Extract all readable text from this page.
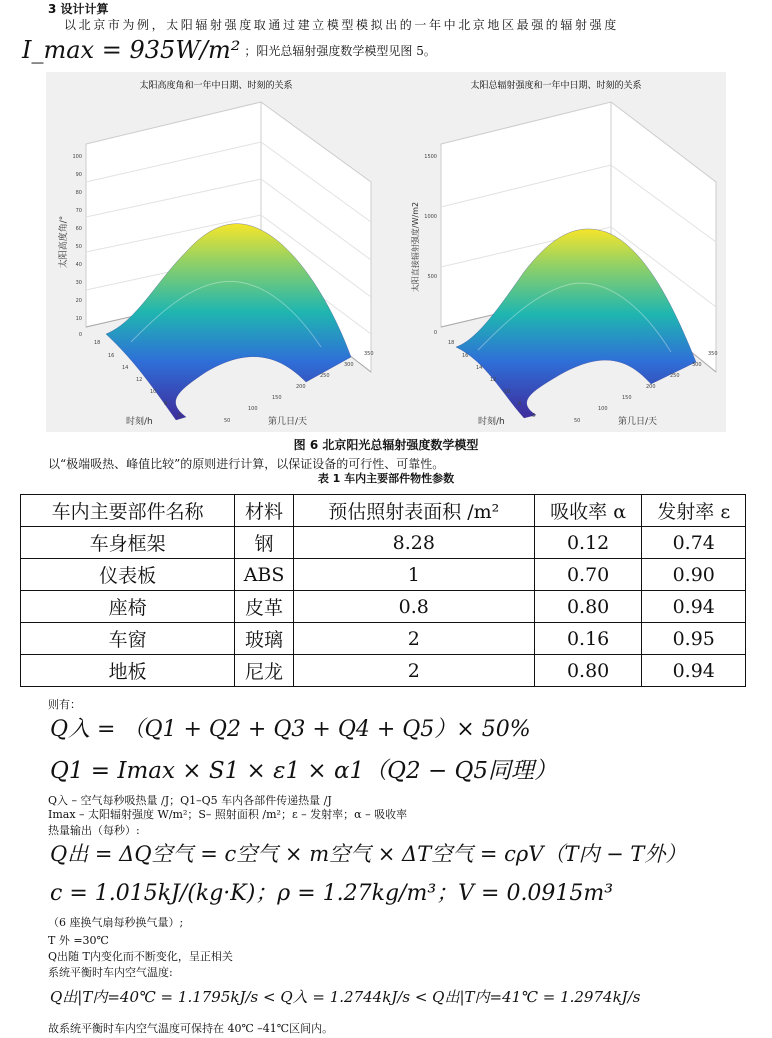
3 设计计算
以北京市为例，太阳辐射强度取通过建立模型模拟出的一年中北京地区最强的辐射强度
I_max = 935W/m² ；阳光总辐射强度数学模型见图 5。
太阳高度角和一年中日期、时刻的关系
100
90
80
70
60
50
40
30
20
10
0
太阳高度角/°
18
16
14
12
10
8
6
时刻/h	50
100
150
200
250
300
350
第几日/天
太阳总辐射强度和一年中日期、时刻的关系
1500
1000
500
0
太阳直接辐射强度/W/m2
18
16
14
12
10
8
6
时刻/h	50
100
150
200
250
300
350
第几日/天
图 6 北京阳光总辐射强度数学模型
以“极端吸热、峰值比较”的原则进行计算，以保证设备的可行性、可靠性。
表 1 车内主要部件物性参数
车内主要部件名称	材料	预估照射表面积 /m²	吸收率 α	发射率 ε
车身框架	钢	8.28	0.12	0.74
仪表板	ABS	1	0.70	0.90
座椅	皮革	0.8	0.80	0.94
车窗	玻璃	2	0.16	0.95
地板	尼龙	2	0.80	0.94
则有：
Q入 = （Q1 + Q2 + Q3 + Q4 + Q5）× 50%
Q1 = Imax × S1 × ε1 × α1（Q2 − Q5同理）
Q入 – 空气每秒吸热量 /J；Q1–Q5 车内各部件传递热量 /J
Imax – 太阳辐射强度 W/m²；S– 照射面积 /m²；ε – 发射率；α – 吸收率
热量输出（每秒）:
Q出 = ΔQ空气 = c空气 × m空气 × ΔT空气 = cρV（T内 − T外）
c = 1.015kJ/(kg·K)；ρ = 1.27kg/m³；V = 0.0915m³
（6 座换气扇每秒换气量）;
T 外 =30℃
Q出随 T内变化而不断变化，呈正相关
系统平衡时车内空气温度:
Q出|T内=40℃ = 1.1795kJ/s < Q入 = 1.2744kJ/s < Q出|T内=41℃ = 1.2974kJ/s
故系统平衡时车内空气温度可保持在 40℃ –41℃区间内。
